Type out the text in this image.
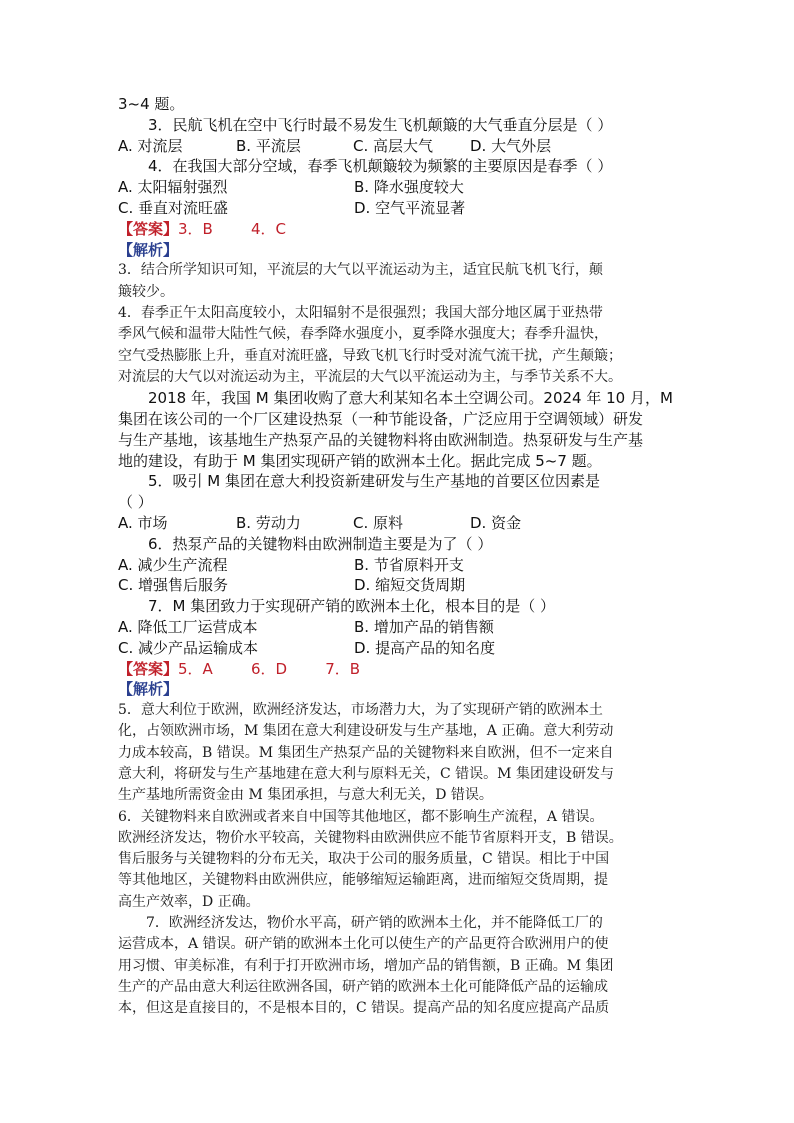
3~4 题。
3．民航飞机在空中飞行时最不易发生飞机颠簸的大气垂直分层是（ ）
A. 对流层	B. 平流层	C. 高层大气	D. 大气外层
4．在我国大部分空域，春季飞机颠簸较为频繁的主要原因是春季（ ）
A. 太阳辐射强烈	B. 降水强度较大
C. 垂直对流旺盛	D. 空气平流显著
【答案】3．B        4．C
【解析】
3．结合所学知识可知，平流层的大气以平流运动为主，适宜民航飞机飞行，颠
簸较少。
4．春季正午太阳高度较小，太阳辐射不是很强烈；我国大部分地区属于亚热带
季风气候和温带大陆性气候，春季降水强度小，夏季降水强度大；春季升温快，
空气受热膨胀上升，垂直对流旺盛，导致飞机飞行时受对流气流干扰，产生颠簸；
对流层的大气以对流运动为主，平流层的大气以平流运动为主，与季节关系不大。
2018 年，我国 M 集团收购了意大利某知名本土空调公司。2024 年 10 月，M
集团在该公司的一个厂区建设热泵（一种节能设备，广泛应用于空调领域）研发
与生产基地，该基地生产热泵产品的关键物料将由欧洲制造。热泵研发与生产基
地的建设，有助于 M 集团实现研产销的欧洲本土化。据此完成 5~7 题。
5．吸引 M 集团在意大利投资新建研发与生产基地的首要区位因素是
（ ）
A. 市场	B. 劳动力	C. 原料	D. 资金
6．热泵产品的关键物料由欧洲制造主要是为了（ ）
A. 减少生产流程	B. 节省原料开支
C. 增强售后服务	D. 缩短交货周期
7．M 集团致力于实现研产销的欧洲本土化，根本目的是（ ）
A. 降低工厂运营成本	B. 增加产品的销售额
C. 减少产品运输成本	D. 提高产品的知名度
【答案】5．A        6．D        7．B
【解析】
5．意大利位于欧洲，欧洲经济发达，市场潜力大，为了实现研产销的欧洲本土
化，占领欧洲市场，M 集团在意大利建设研发与生产基地，A 正确。意大利劳动
力成本较高，B 错误。M 集团生产热泵产品的关键物料来自欧洲，但不一定来自
意大利，将研发与生产基地建在意大利与原料无关，C 错误。M 集团建设研发与
生产基地所需资金由 M 集团承担，与意大利无关，D 错误。
6．关键物料来自欧洲或者来自中国等其他地区，都不影响生产流程，A 错误。
欧洲经济发达，物价水平较高，关键物料由欧洲供应不能节省原料开支，B 错误。
售后服务与关键物料的分布无关，取决于公司的服务质量，C 错误。相比于中国
等其他地区，关键物料由欧洲供应，能够缩短运输距离，进而缩短交货周期，提
高生产效率，D 正确。
7．欧洲经济发达，物价水平高，研产销的欧洲本土化，并不能降低工厂的
运营成本，A 错误。研产销的欧洲本土化可以使生产的产品更符合欧洲用户的使
用习惯、审美标准，有利于打开欧洲市场，增加产品的销售额，B 正确。M 集团
生产的产品由意大利运往欧洲各国，研产销的欧洲本土化可能降低产品的运输成
本，但这是直接目的，不是根本目的，C 错误。提高产品的知名度应提高产品质
